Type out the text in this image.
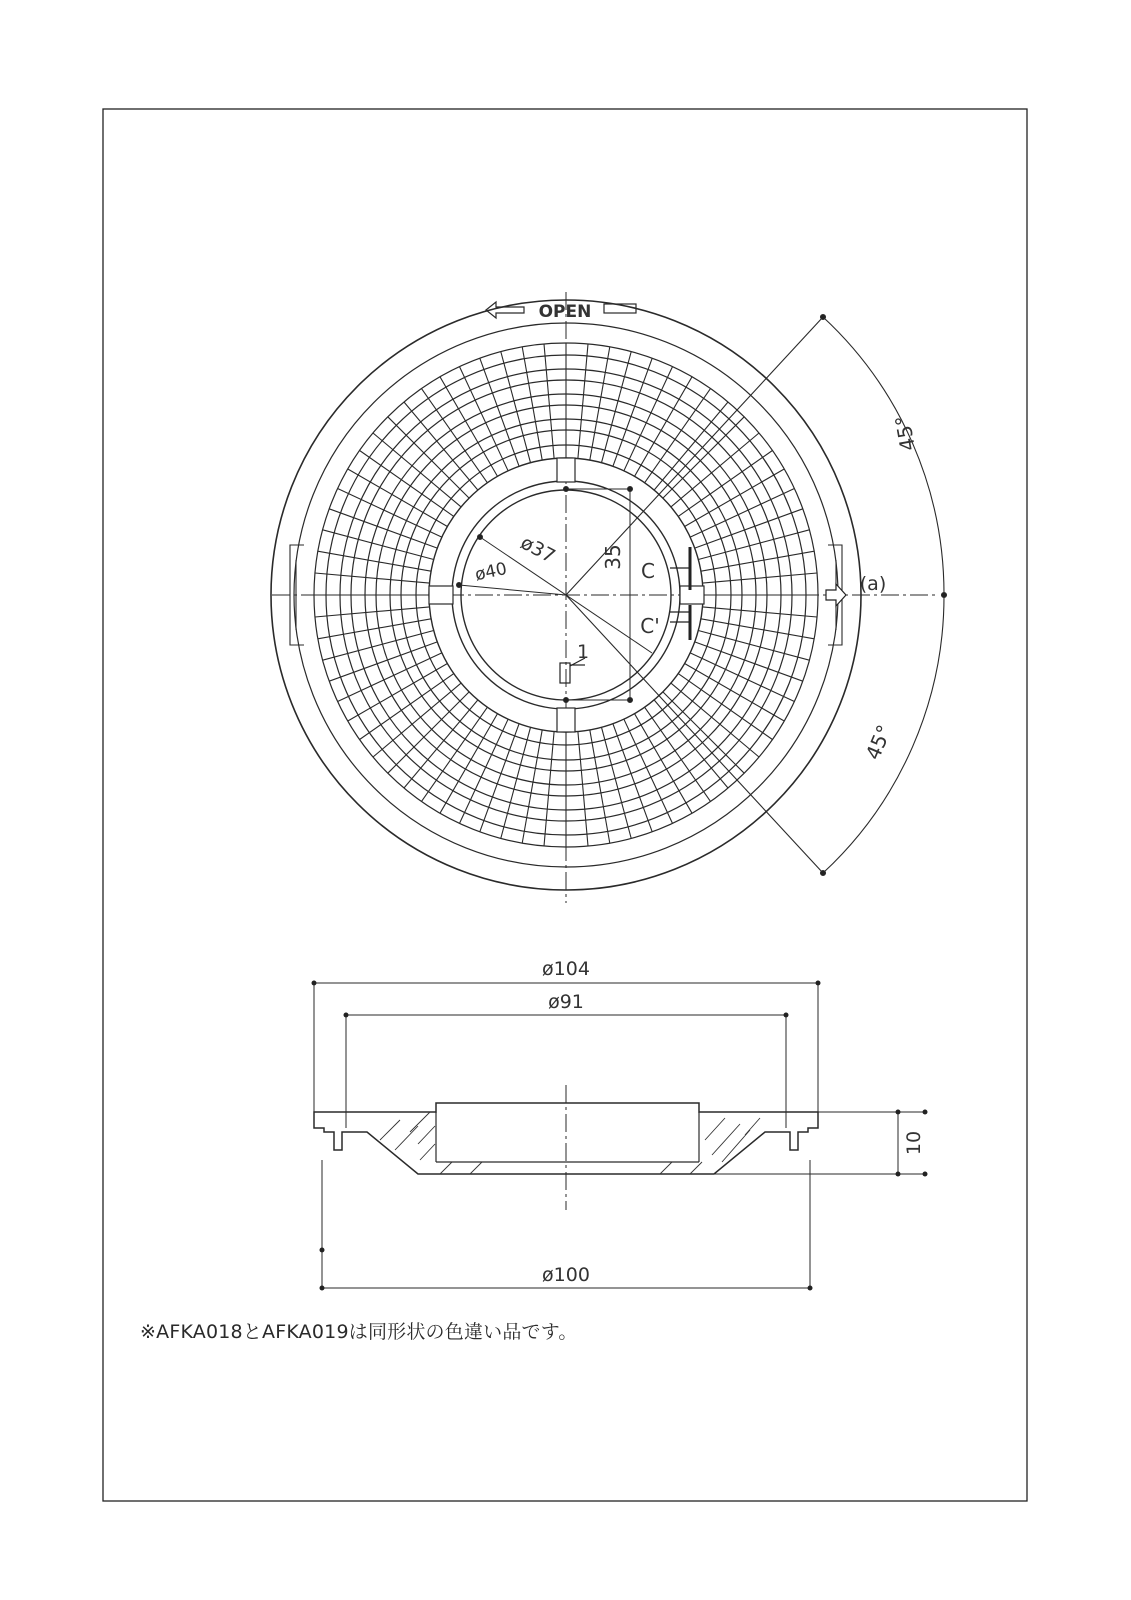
OPEN
45°
45°
ø37
ø40
35
C
C'
1
(a)
ø104
ø91
10
ø100

※AFKA018とAFKA019は同形状の色違い品です。
